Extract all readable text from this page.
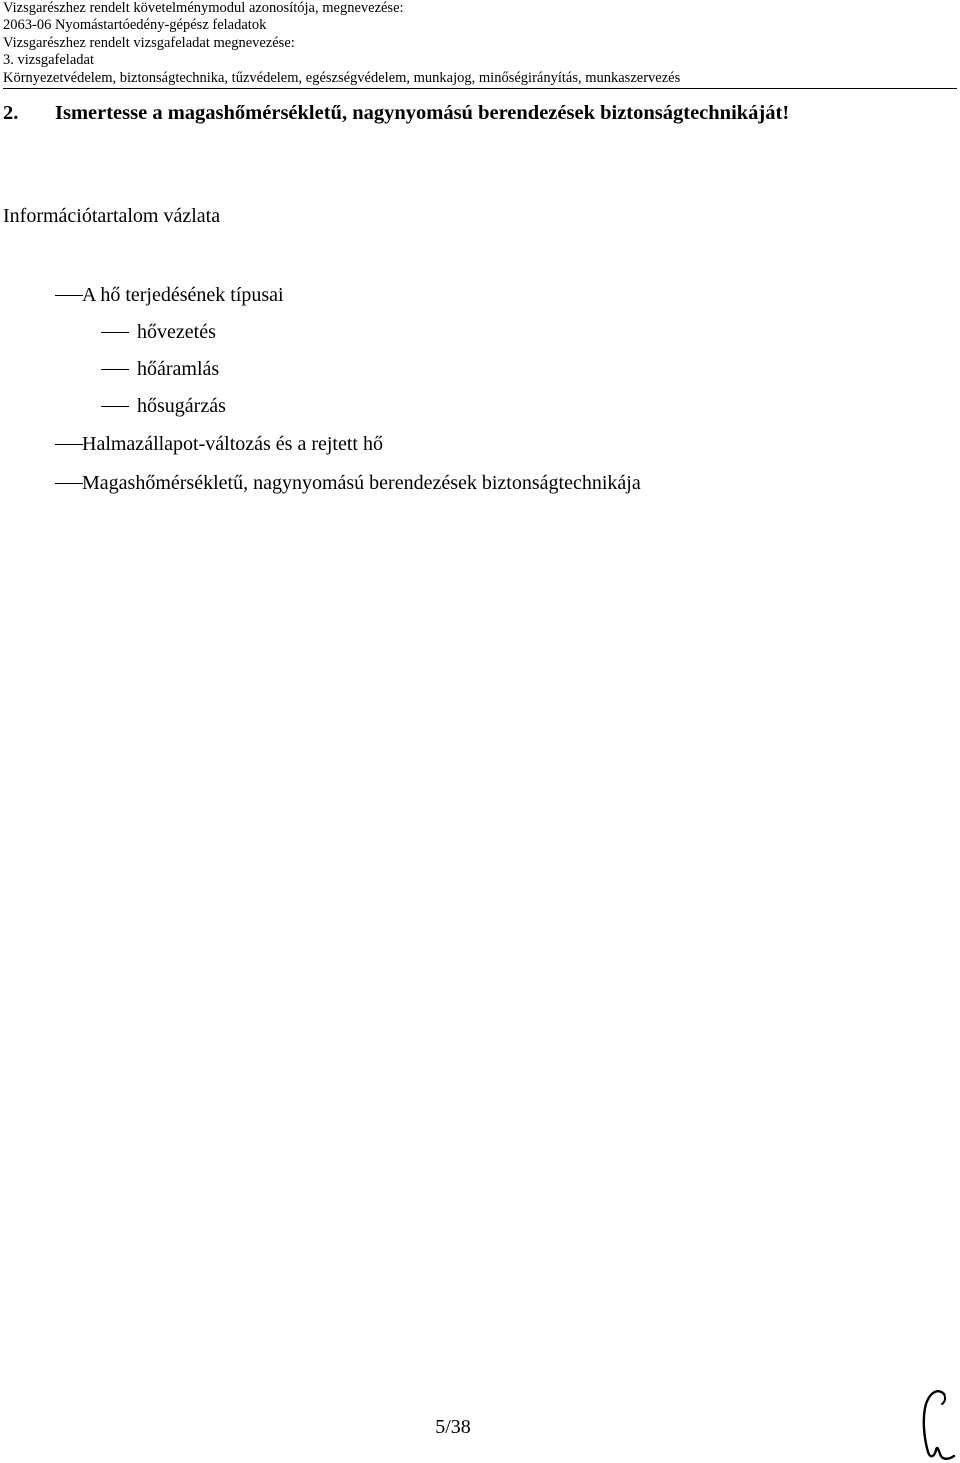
Vizsgarészhez rendelt követelménymodul azonosítója, megnevezése:
2063-06 Nyomástartóedény-gépész feladatok
Vizsgarészhez rendelt vizsgafeladat megnevezése:
3. vizsgafeladat
Környezetvédelem, biztonságtechnika, tűzvédelem, egészségvédelem, munkajog, minőségirányítás, munkaszervezés
2. Ismertesse a magashőmérsékletű, nagynyomású berendezések biztonságtechnikáját!
Információtartalom vázlata
A hő terjedésének típusai
hővezetés
hőáramlás
hősugárzás
Halmazállapot-változás és a rejtett hő
Magashőmérsékletű, nagynyomású berendezések biztonságtechnikája
5/38
